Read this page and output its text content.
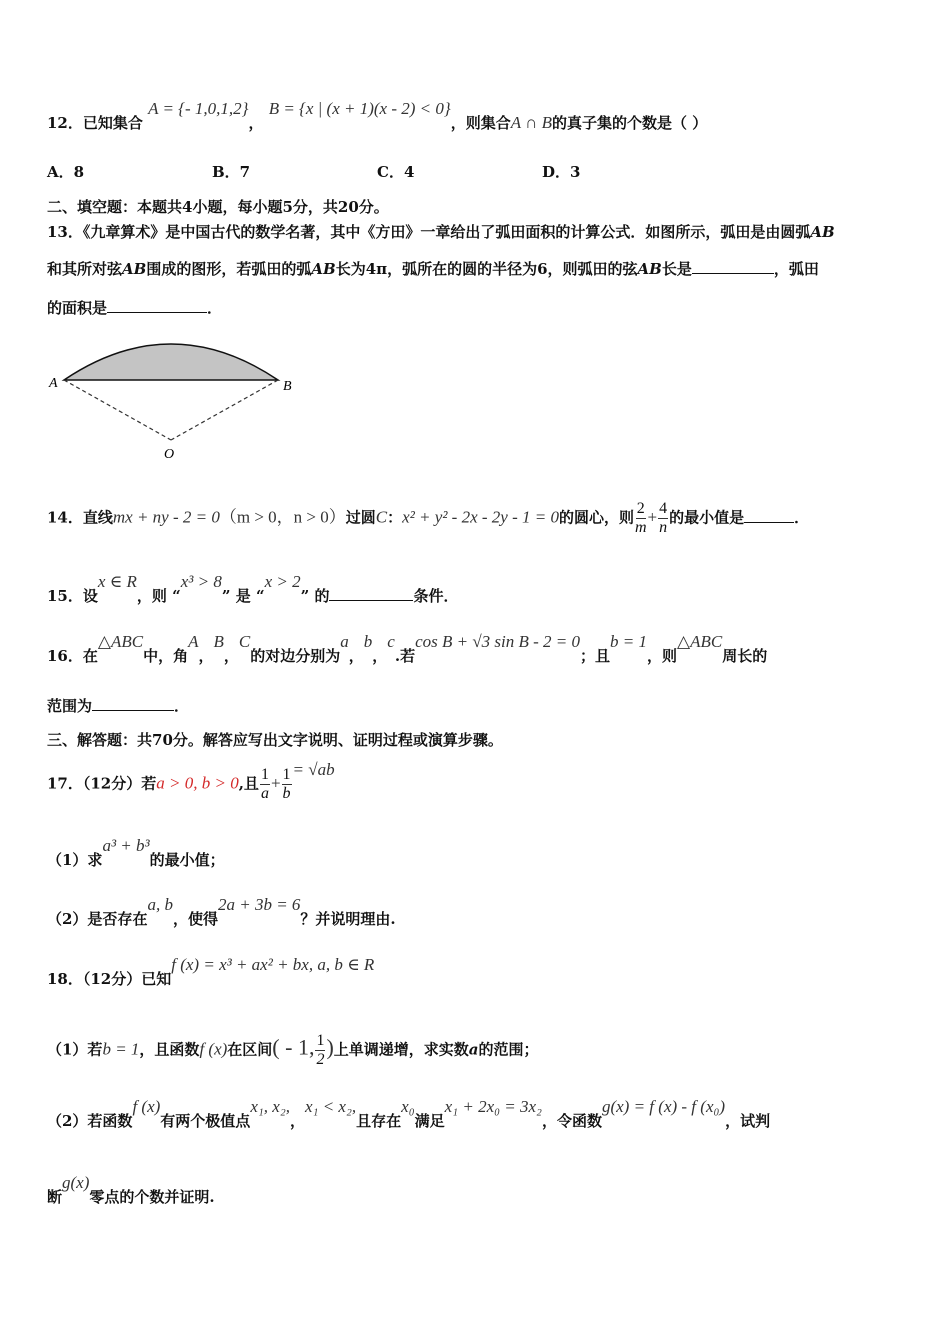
12．已知集合 A = {- 1,0,1,2}， B = {x | (x + 1)(x - 2) < 0}，则集合A ∩ B的真子集的个数是（ ）
A．8	B．7	C．4	D．3
二、填空题：本题共4小题，每小题5分，共20分。
13．《九章算术》是中国古代的数学名著，其中《方田》一章给出了弧田面积的计算公式．如图所示，弧田是由圆弧AB
和其所对弦AB围成的图形，若弧田的弧AB长为4π，弧所在的圆的半径为6，则弧田的弦AB长是	，弧田
的面积是	．
A	B
O
14．直线mx + ny - 2 = 0（m > 0，n > 0）过圆C：x² + y² - 2x - 2y - 1 = 0的圆心，则 $\frac{2}{m} + \frac{4}{n}$ 的最小值是	．
15．设x ∈ R，则 “x³ > 8” 是 “x > 2” 的	条件．
16．在△ABC中，角A，B，C的对边分别为a，b，c.若cos B + √3 sin B - 2 = 0；且b = 1，则△ABC周长的
范围为	．
三、解答题：共70分。解答应写出文字说明、证明过程或演算步骤。
17．（12分）若a > 0, b > 0,且 $\frac{1}{a} + \frac{1}{b} = √ab$
（1）求a³ + b³的最小值；
（2）是否存在a, b，使得2a + 3b = 6？并说明理由.
18．（12分）已知f (x) = x³ + ax² + bx, a, b ∈ R
（1）若b = 1，且函数f (x)在区间( - 1, $\frac{1}{2}$ )上单调递增，求实数a的范围；
（2）若函数f (x)有两个极值点x₁, x₂,，x₁ < x₂,且存在x₀满足x₁ + 2x₀ = 3x₂，令函数g(x) = f (x) - f (x₀)，试判
断g(x)零点的个数并证明.
